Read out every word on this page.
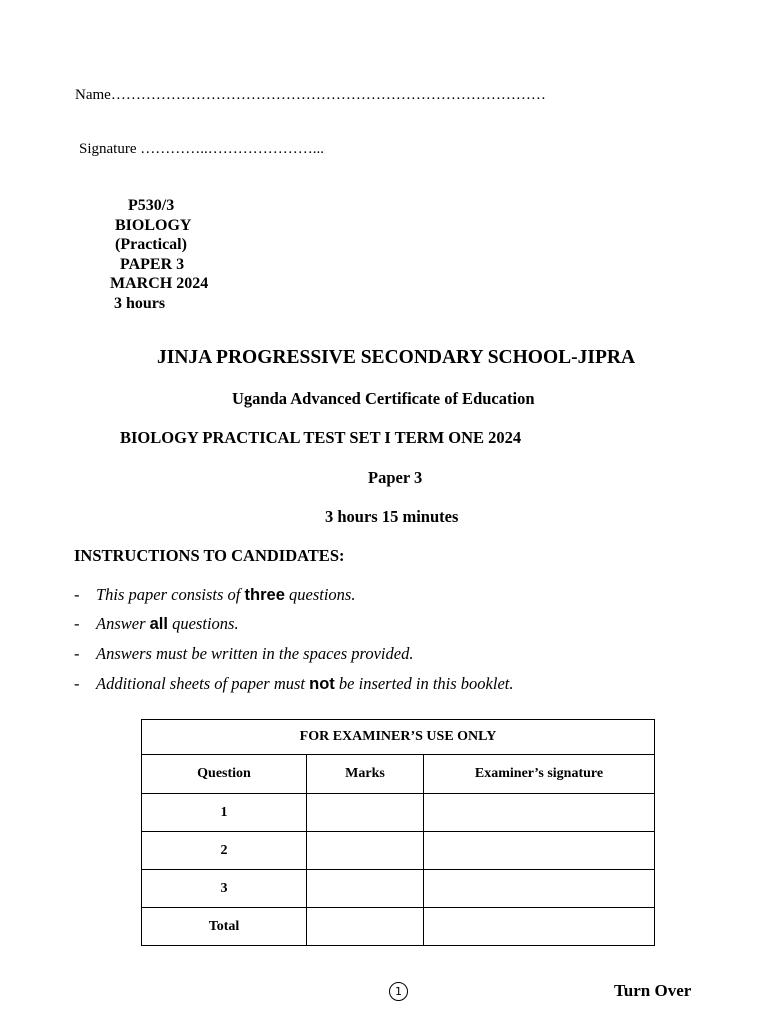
Name……………………………………………………………………………
Signature …………..…………………...
P530/3
BIOLOGY
(Practical)
PAPER 3
MARCH 2024
3 hours
JINJA PROGRESSIVE SECONDARY SCHOOL-JIPRA
Uganda Advanced Certificate of Education
BIOLOGY PRACTICAL TEST SET I TERM ONE 2024
Paper 3
3 hours 15 minutes
INSTRUCTIONS TO CANDIDATES:
- This paper consists of three questions.
- Answer all questions.
- Answers must be written in the spaces provided.
- Additional sheets of paper must not be inserted in this booklet.
FOR EXAMINER’S USE ONLY		
Question	Marks	Examiner’s signature
1		
2		
3		
Total		
1	Turn Over
